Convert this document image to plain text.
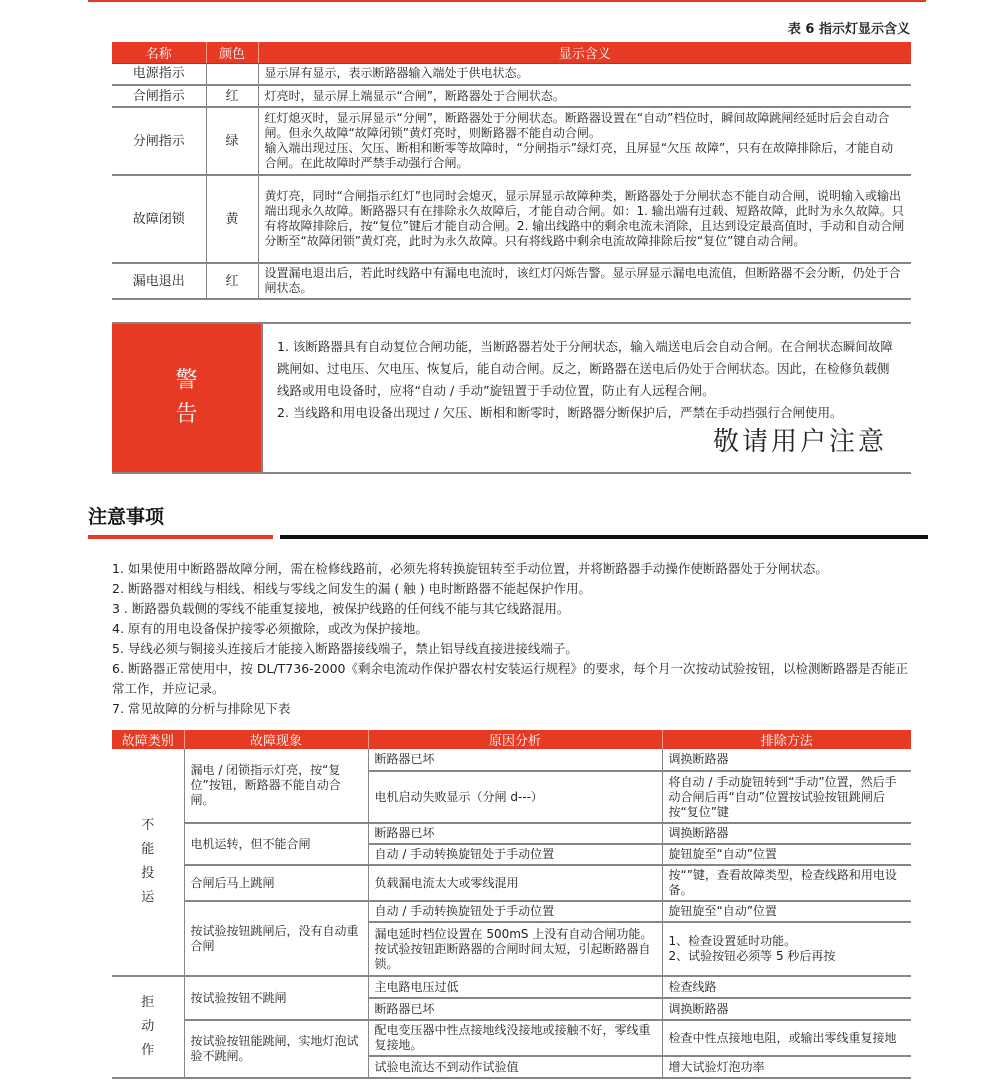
表 6 指示灯显示含义
名称	颜色	显示含义
电源指示		显示屏有显示，表示断路器输入端处于供电状态。
合闸指示	红	灯亮时，显示屏上端显示“合闸”，断路器处于合闸状态。
分闸指示	绿	红灯熄灭时，显示屏显示“分闸”，断路器处于分闸状态。断路器设置在“自动”档位时，瞬间故障跳闸经延时后会自动合闸。但永久故障“故障闭锁”黄灯亮时，则断路器不能自动合闸。
输入端出现过压、欠压、断相和断零等故障时，“分闸指示”绿灯亮，且屏显“欠压 故障”，只有在故障排除后，才能自动合闸。在此故障时严禁手动强行合闸。

故障闭锁	黄	黄灯亮，同时“合闸指示红灯”也同时会熄灭，显示屏显示故障种类，断路器处于分闸状态不能自动合闸，说明输入或输出端出现永久故障。断路器只有在排除永久故障后，才能自动合闸。如：1. 输出端有过载、短路故障，此时为永久故障。只有将故障排除后，按“复位”键后才能自动合闸。2. 输出线路中的剩余电流未消除，且达到设定最高值时，手动和自动合闸分断至“故障闭锁”黄灯亮，此时为永久故障。只有将线路中剩余电流故障排除后按“复位”键自动合闸。
漏电退出	红	设置漏电退出后，若此时线路中有漏电电流时，该红灯闪烁告警。显示屏显示漏电电流值，但断路器不会分断，仍处于合闸状态。
警
告

1. 该断路器具有自动复位合闸功能，当断路器若处于分闸状态，输入端送电后会自动合闸。在合闸状态瞬间故障跳闸如、过电压、欠电压、恢复后，能自动合闸。反之，断路器在送电后仍处于合闸状态。因此，在检修负载侧线路或用电设备时，应将“自动 / 手动”旋钮置于手动位置，防止有人远程合闸。

2. 当线路和用电设备出现过 / 欠压、断相和断零时，断路器分断保护后，严禁在手动挡强行合闸使用。

敬请用户注意
注意事项

1. 如果使用中断路器故障分闸，需在检修线路前，必须先将转换旋钮转至手动位置，并将断路器手动操作使断路器处于分闸状态。

2. 断路器对相线与相线、相线与零线之间发生的漏 ( 触 ) 电时断路器不能起保护作用。

3 . 断路器负载侧的零线不能重复接地，被保护线路的任何线不能与其它线路混用。

4. 原有的用电设备保护接零必须撤除，或改为保护接地。

5. 导线必须与铜接头连接后才能接入断路器接线端子，禁止铝导线直接进接线端子。

6. 断路器正常使用中，按 DL/T736-2000《剩余电流动作保护器农村安装运行规程》的要求，每个月一次按动试验按钮，以检测断路器是否能正常工作，并应记录。

7. 常见故障的分析与排除见下表

故障类别	故障现象	原因分析	排除方法

不
能
投
运	漏电 / 闭锁指示灯亮，按“复位”按钮，断路器不能自动合闸。	断路器已坏	调换断路器
		电机启动失败显示（分闸 d---）	将自动 / 手动旋钮转到“手动”位置，然后手动合闸后再“自动”位置按试验按钮跳闸后按“复位”键
	电机运转，但不能合闸	断路器已坏	调换断路器
		自动 / 手动转换旋钮处于手动位置	旋钮旋至“自动”位置
	合闸后马上跳闸	负载漏电流太大或零线混用	按“”键，查看故障类型，检查线路和用电设备。
	按试验按钮跳闸后，没有自动重合闸	自动 / 手动转换旋钮处于手动位置	旋钮旋至“自动”位置
		漏电延时档位设置在 500mS 上没有自动合闸功能。按试验按钮距断路器的合闸时间太短，引起断路器自锁。	1、检查设置延时功能。
2、试验按钮必须等 5 秒后再按

拒
动
作	按试验按钮不跳闸	主电路电压过低	检查线路
		断路器已坏	调换断路器
	按试验按钮能跳闸，实地灯泡试验不跳闸。	配电变压器中性点接地线没接地或接触不好，零线重复接地。	检查中性点接地电阻，或输出零线重复接地
		试验电流达不到动作试验值	增大试验灯泡功率
